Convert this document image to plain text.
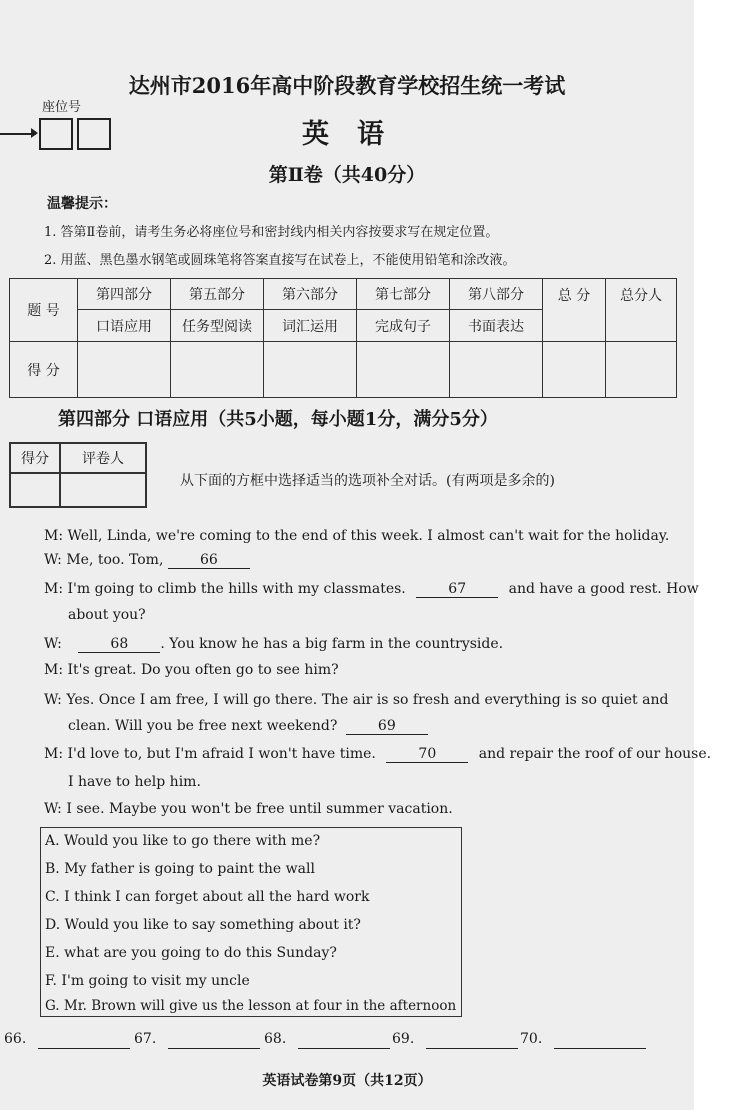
达州市2016年高中阶段教育学校招生统一考试
英语
第Ⅱ卷（共40分）
座位号
温馨提示：
1. 答第Ⅱ卷前，请考生务必将座位号和密封线内相关内容按要求写在规定位置。
2. 用蓝、黑色墨水钢笔或圆珠笔将答案直接写在试卷上，不能使用铅笔和涂改液。
题 号	第四部分	第五部分	第六部分	第七部分	第八部分	总 分	总分人
	口语应用	任务型阅读	词汇运用	完成句子	书面表达		
得 分							
第四部分 口语应用（共5小题，每小题1分，满分5分）
得分	评卷人

从下面的方框中选择适当的选项补全对话。(有两项是多余的)
M: Well, Linda, we're coming to the end of this week. I almost can't wait for the holiday.
W: Me, too. Tom,	66
M: I'm going to climb the hills with my classmates.	67	and have a good rest. How
about you?
W:	68 . You know he has a big farm in the countryside.
M: It's great. Do you often go to see him?
W: Yes. Once I am free, I will go there. The air is so fresh and everything is so quiet and
clean. Will you be free next weekend?	69
M: I'd love to, but I'm afraid I won't have time.	70	and repair the roof of our house.
I have to help him.
W: I see. Maybe you won't be free until summer vacation.
A. Would you like to go there with me?
B. My father is going to paint the wall
C. I think I can forget about all the hard work
D. Would you like to say something about it?
E. what are you going to do this Sunday?
F. I'm going to visit my uncle
G. Mr. Brown will give us the lesson at four in the afternoon
66.	67.	68.	69.	70.
英语试卷第9页（共12页）
